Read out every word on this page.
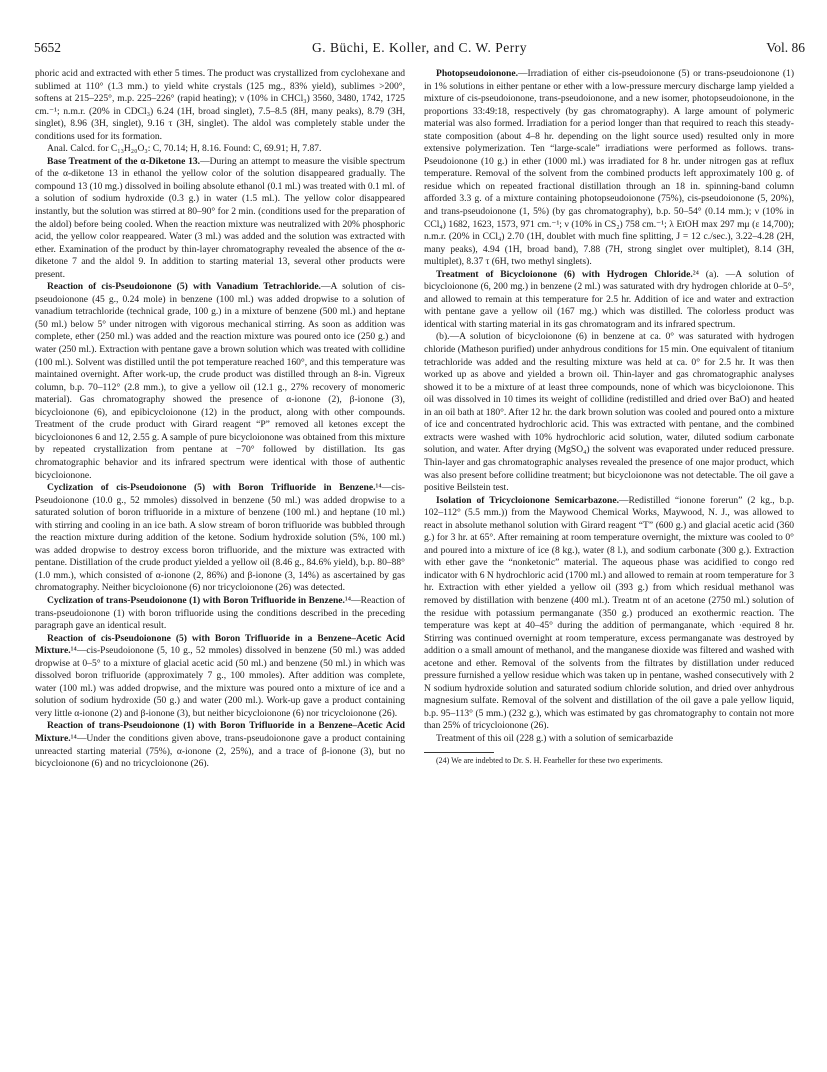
5652	G. Büchi, E. Koller, and C. W. Perry	Vol. 86

phoric acid and extracted with ether 5 times. The product was crystallized from cyclohexane and sublimed at 110° (1.3 mm.) to yield white crystals (125 mg., 83% yield), sublimes >200°, softens at 215–225°, m.p. 225–226° (rapid heating); ν (10% in CHCl₃) 3560, 3480, 1742, 1725 cm.⁻¹; n.m.r. (20% in CDCl₃) 6.24 (1H, broad singlet), 7.5–8.5 (8H, many peaks), 8.79 (3H, singlet), 8.96 (3H, singlet), 9.16 τ (3H, singlet). The aldol was completely stable under the conditions used for its formation.

Anal. Calcd. for C₁₃H₂₀O₃: C, 70.14; H, 8.16. Found: C, 69.91; H, 7.87.

Base Treatment of the α-Diketone 13.—During an attempt to measure the visible spectrum of the α-diketone 13 in ethanol the yellow color of the solution disappeared gradually. The compound 13 (10 mg.) dissolved in boiling absolute ethanol (0.1 ml.) was treated with 0.1 ml. of a solution of sodium hydroxide (0.3 g.) in water (1.5 ml.). The yellow color disappeared instantly, but the solution was stirred at 80–90° for 2 min. (conditions used for the preparation of the aldol) before being cooled. When the reaction mixture was neutralized with 20% phosphoric acid, the yellow color reappeared. Water (3 ml.) was added and the solution was extracted with ether. Examination of the product by thin-layer chromatography revealed the absence of the α-diketone 7 and the aldol 9. In addition to starting material 13, several other products were present.

Reaction of cis-Pseudoionone (5) with Vanadium Tetrachloride.—A solution of cis-pseudoionone (45 g., 0.24 mole) in benzene (100 ml.) was added dropwise to a solution of vanadium tetrachloride (technical grade, 100 g.) in a mixture of benzene (500 ml.) and heptane (50 ml.) below 5° under nitrogen with vigorous mechanical stirring. As soon as addition was complete, ether (250 ml.) was added and the reaction mixture was poured onto ice (250 g.) and water (250 ml.). Extraction with pentane gave a brown solution which was treated with collidine (100 ml.). Solvent was distilled until the pot temperature reached 160°, and this temperature was maintained overnight. After work-up, the crude product was distilled through an 8-in. Vigreux column, b.p. 70–112° (2.8 mm.), to give a yellow oil (12.1 g., 27% recovery of monomeric material). Gas chromatography showed the presence of α-ionone (2), β-ionone (3), bicycloionone (6), and epibicycloionone (12) in the product, along with other compounds. Treatment of the crude product with Girard reagent “P” removed all ketones except the bicycloionones 6 and 12, 2.55 g. A sample of pure bicycloionone was obtained from this mixture by repeated crystallization from pentane at −70° followed by distillation. Its gas chromatographic behavior and its infrared spectrum were identical with those of authentic bicycloionone.

Cyclization of cis-Pseudoionone (5) with Boron Trifluoride in Benzene.¹⁴—cis-Pseudoionone (10.0 g., 52 mmoles) dissolved in benzene (50 ml.) was added dropwise to a saturated solution of boron trifluoride in a mixture of benzene (100 ml.) and heptane (10 ml.) with stirring and cooling in an ice bath. A slow stream of boron trifluoride was bubbled through the reaction mixture during addition of the ketone. Sodium hydroxide solution (5%, 100 ml.) was added dropwise to destroy excess boron trifluoride, and the mixture was extracted with pentane. Distillation of the crude product yielded a yellow oil (8.46 g., 84.6% yield), b.p. 80–88° (1.0 mm.), which consisted of α-ionone (2, 86%) and β-ionone (3, 14%) as ascertained by gas chromatography. Neither bicycloionone (6) nor tricycloionone (26) was detected.

Cyclization of trans-Pseudoionone (1) with Boron Trifluoride in Benzene.¹⁴—Reaction of trans-pseudoionone (1) with boron trifluoride using the conditions described in the preceding paragraph gave an identical result.

Reaction of cis-Pseudoionone (5) with Boron Trifluoride in a Benzene–Acetic Acid Mixture.¹⁴—cis-Pseudoionone (5, 10 g., 52 mmoles) dissolved in benzene (50 ml.) was added dropwise at 0–5° to a mixture of glacial acetic acid (50 ml.) and benzene (50 ml.) in which was dissolved boron trifluoride (approximately 7 g., 100 mmoles). After addition was complete, water (100 ml.) was added dropwise, and the mixture was poured onto a mixture of ice and a solution of sodium hydroxide (50 g.) and water (200 ml.). Work-up gave a product containing very little α-ionone (2) and β-ionone (3), but neither bicycloionone (6) nor tricycloionone (26).

Reaction of trans-Pseudoionone (1) with Boron Trifluoride in a Benzene–Acetic Acid Mixture.¹⁴—Under the conditions given above, trans-pseudoionone gave a product containing unreacted starting material (75%), α-ionone (2, 25%), and a trace of β-ionone (3), but no bicycloionone (6) and no tricycloionone (26).

Photopseudoionone.—Irradiation of either cis-pseudoionone (5) or trans-pseudoionone (1) in 1% solutions in either pentane or ether with a low-pressure mercury discharge lamp yielded a mixture of cis-pseudoionone, trans-pseudoionone, and a new isomer, photopseudoionone, in the proportions 33:49:18, respectively (by gas chromatography). A large amount of polymeric material was also formed. Irradiation for a period longer than that required to reach this steady-state composition (about 4–8 hr. depending on the light source used) resulted only in more extensive polymerization. Ten “large-scale” irradiations were performed as follows. trans-Pseudoionone (10 g.) in ether (1000 ml.) was irradiated for 8 hr. under nitrogen gas at reflux temperature. Removal of the solvent from the combined products left approximately 100 g. of residue which on repeated fractional distillation through an 18 in. spinning-band column afforded 3.3 g. of a mixture containing photopseudoionone (75%), cis-pseudoionone (5, 20%), and trans-pseudoionone (1, 5%) (by gas chromatography), b.p. 50–54° (0.14 mm.); ν (10% in CCl₄) 1682, 1623, 1573, 971 cm.⁻¹; ν (10% in CS₂) 758 cm.⁻¹; λ EtOH max 297 mμ (ε 14,700); n.m.r. (20% in CCl₄) 2.70 (1H, doublet with much fine splitting, J = 12 c./sec.), 3.22–4.28 (2H, many peaks), 4.94 (1H, broad band), 7.88 (7H, strong singlet over multiplet), 8.14 (3H, multiplet), 8.37 τ (6H, two methyl singlets).

Treatment of Bicycloionone (6) with Hydrogen Chloride.²⁴ (a). —A solution of bicycloionone (6, 200 mg.) in benzene (2 ml.) was saturated with dry hydrogen chloride at 0–5°, and allowed to remain at this temperature for 2.5 hr. Addition of ice and water and extraction with pentane gave a yellow oil (167 mg.) which was distilled. The colorless product was identical with starting material in its gas chromatogram and its infrared spectrum.

(b).—A solution of bicycloionone (6) in benzene at ca. 0° was saturated with hydrogen chloride (Matheson purified) under anhydrous conditions for 15 min. One equivalent of titanium tetrachloride was added and the resulting mixture was held at ca. 0° for 2.5 hr. It was then worked up as above and yielded a brown oil. Thin-layer and gas chromatographic analyses showed it to be a mixture of at least three compounds, none of which was bicycloionone. This oil was dissolved in 10 times its weight of collidine (redistilled and dried over BaO) and heated in an oil bath at 180°. After 12 hr. the dark brown solution was cooled and poured onto a mixture of ice and concentrated hydrochloric acid. This was extracted with pentane, and the combined extracts were washed with 10% hydrochloric acid solution, water, diluted sodium carbonate solution, and water. After drying (MgSO₄) the solvent was evaporated under reduced pressure. Thin-layer and gas chromatographic analyses revealed the presence of one major product, which was also present before collidine treatment; but bicycloionone was not detectable. The oil gave a positive Beilstein test.

Isolation of Tricycloionone Semicarbazone.—Redistilled “ionone forerun” (2 kg., b.p. 102–112° (5.5 mm.)) from the Maywood Chemical Works, Maywood, N. J., was allowed to react in absolute methanol solution with Girard reagent “T” (600 g.) and glacial acetic acid (360 g.) for 3 hr. at 65°. After remaining at room temperature overnight, the mixture was cooled to 0° and poured into a mixture of ice (8 kg.), water (8 l.), and sodium carbonate (300 g.). Extraction with ether gave the “nonketonic” material. The aqueous phase was acidified to congo red indicator with 6 N hydrochloric acid (1700 ml.) and allowed to remain at room temperature for 3 hr. Extraction with ether yielded a yellow oil (393 g.) from which residual methanol was removed by distillation with benzene (400 ml.). Treatm nt of an acetone (2750 ml.) solution of the residue with potassium permanganate (350 g.) produced an exothermic reaction. The temperature was kept at 40–45° during the addition of permanganate, which ·equired 8 hr. Stirring was continued overnight at room temperature, excess permanganate was destroyed by addition o a small amount of methanol, and the manganese dioxide was filtered and washed with acetone and ether. Removal of the solvents from the filtrates by distillation under reduced pressure furnished a yellow residue which was taken up in pentane, washed consecutively with 2 N sodium hydroxide solution and saturated sodium chloride solution, and dried over anhydrous magnesium sulfate. Removal of the solvent and distillation of the oil gave a pale yellow liquid, b.p. 95–113° (5 mm.) (232 g.), which was estimated by gas chromatography to contain not more than 25% of tricycloionone (26).

Treatment of this oil (228 g.) with a solution of semicarbazide

(24) We are indebted to Dr. S. H. Fearheller for these two experiments.
